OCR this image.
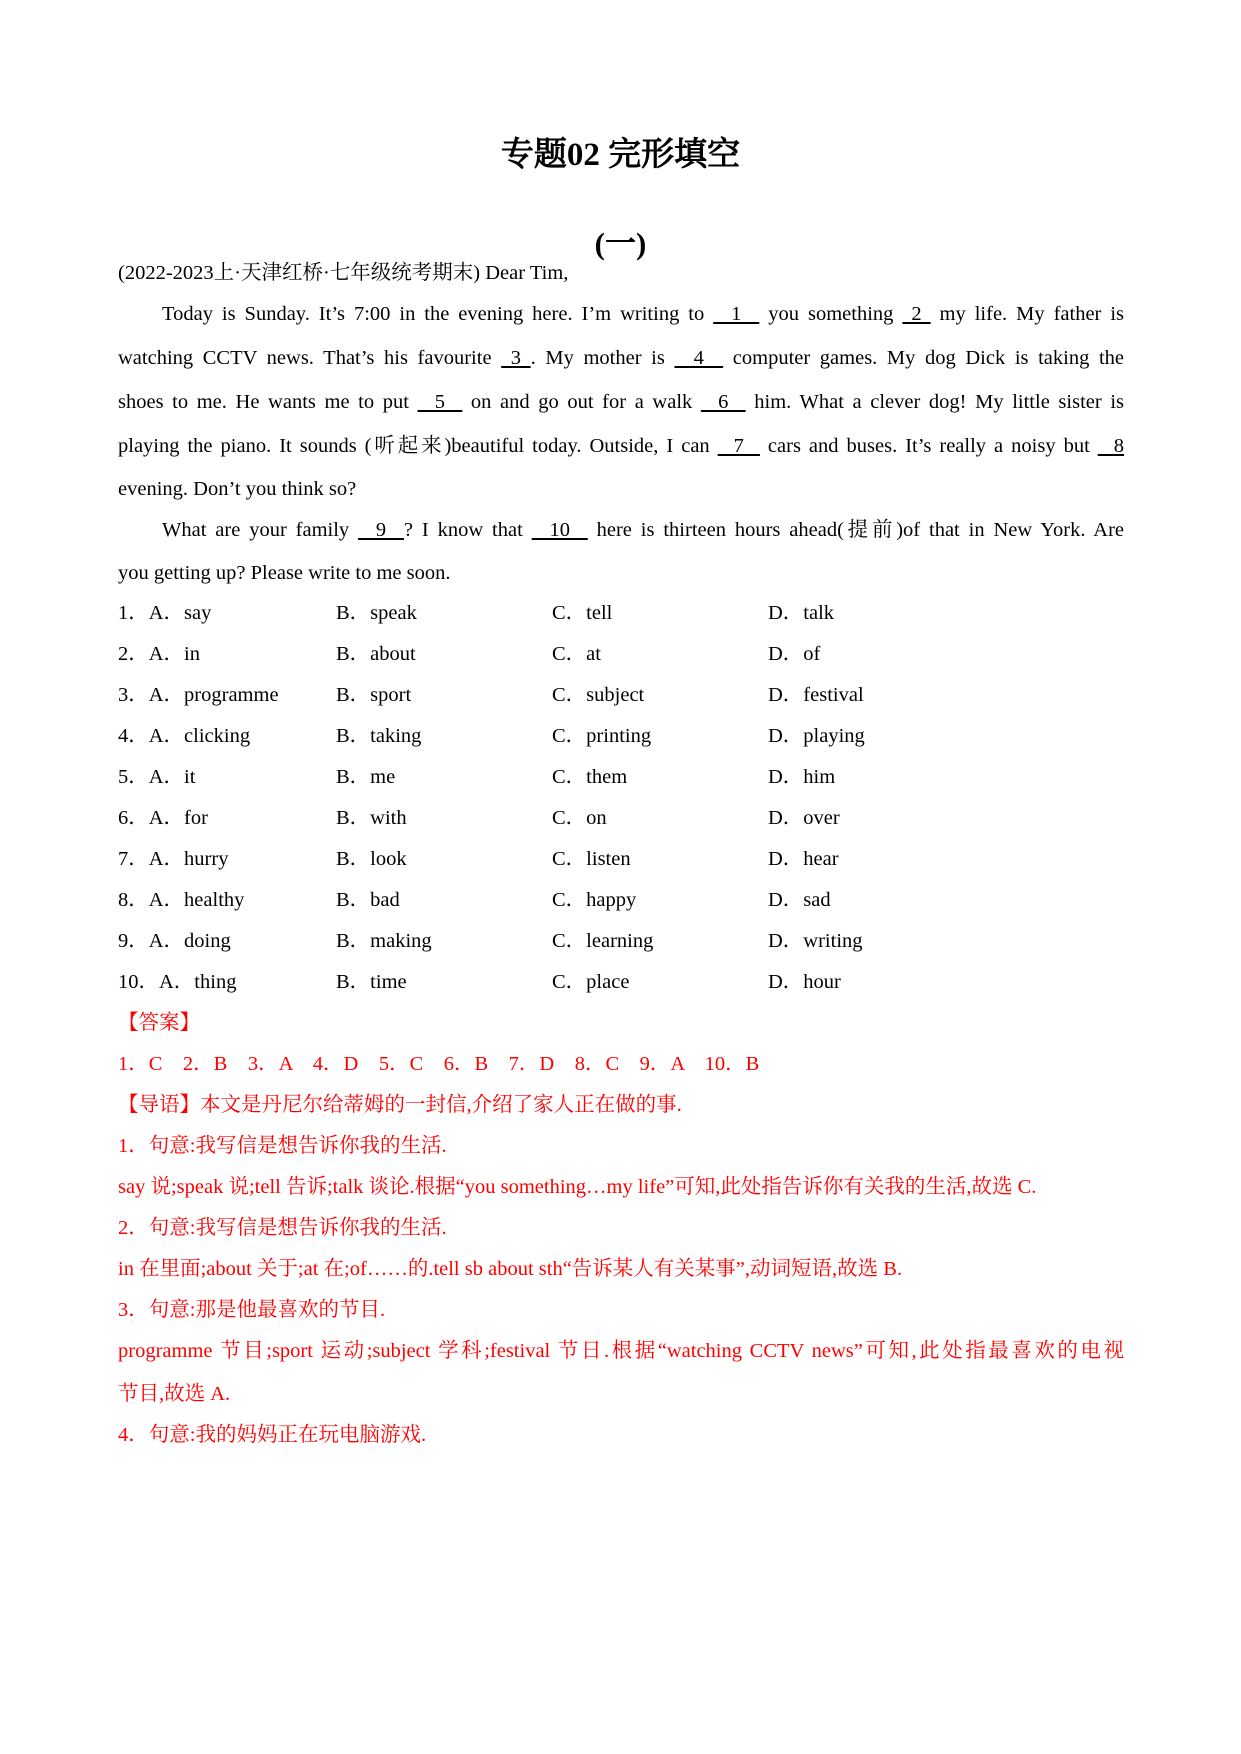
专题02 完形填空
(一)
(2022-2023上·天津红桥·七年级统考期末) Dear Tim,
Today is Sunday. It’s 7:00 in the evening here. I’m writing to   1   you something  2  my life. My father is
watching CCTV news. That’s his favourite  3 . My mother is   4   computer games. My dog Dick is taking the
shoes to me. He wants me to put   5   on and go out for a walk   6   him. What a clever dog! My little sister is
playing the piano. It sounds (听起来)beautiful today. Outside, I can   7   cars and buses. It’s really a noisy but   8
evening. Don’t you think so?
What are your family   9  ? I know that   10   here is thirteen hours ahead(提前)of that in New York. Are
you getting up? Please write to me soon.
1．A．say	B．speak	C．tell	D．talk
2．A．in	B．about	C．at	D．of
3．A．programme	B．sport	C．subject	D．festival
4．A．clicking	B．taking	C．printing	D．playing
5．A．it	B．me	C．them	D．him
6．A．for	B．with	C．on	D．over
7．A．hurry	B．look	C．listen	D．hear
8．A．healthy	B．bad	C．happy	D．sad
9．A．doing	B．making	C．learning	D．writing
10．A．thing	B．time	C．place	D．hour
【答案】
1．C　2．B　3．A　4．D　5．C　6．B　7．D　8．C　9．A　10．B
【导语】本文是丹尼尔给蒂姆的一封信,介绍了家人正在做的事.
1．句意:我写信是想告诉你我的生活.
say 说;speak 说;tell 告诉;talk 谈论.根据“you something…my life”可知,此处指告诉你有关我的生活,故选 C.
2．句意:我写信是想告诉你我的生活.
in 在里面;about 关于;at 在;of……的.tell sb about sth“告诉某人有关某事”,动词短语,故选 B.
3．句意:那是他最喜欢的节目.
programme 节目;sport 运动;subject 学科;festival 节日.根据“watching CCTV news”可知,此处指最喜欢的电视
节目,故选 A.
4．句意:我的妈妈正在玩电脑游戏.
